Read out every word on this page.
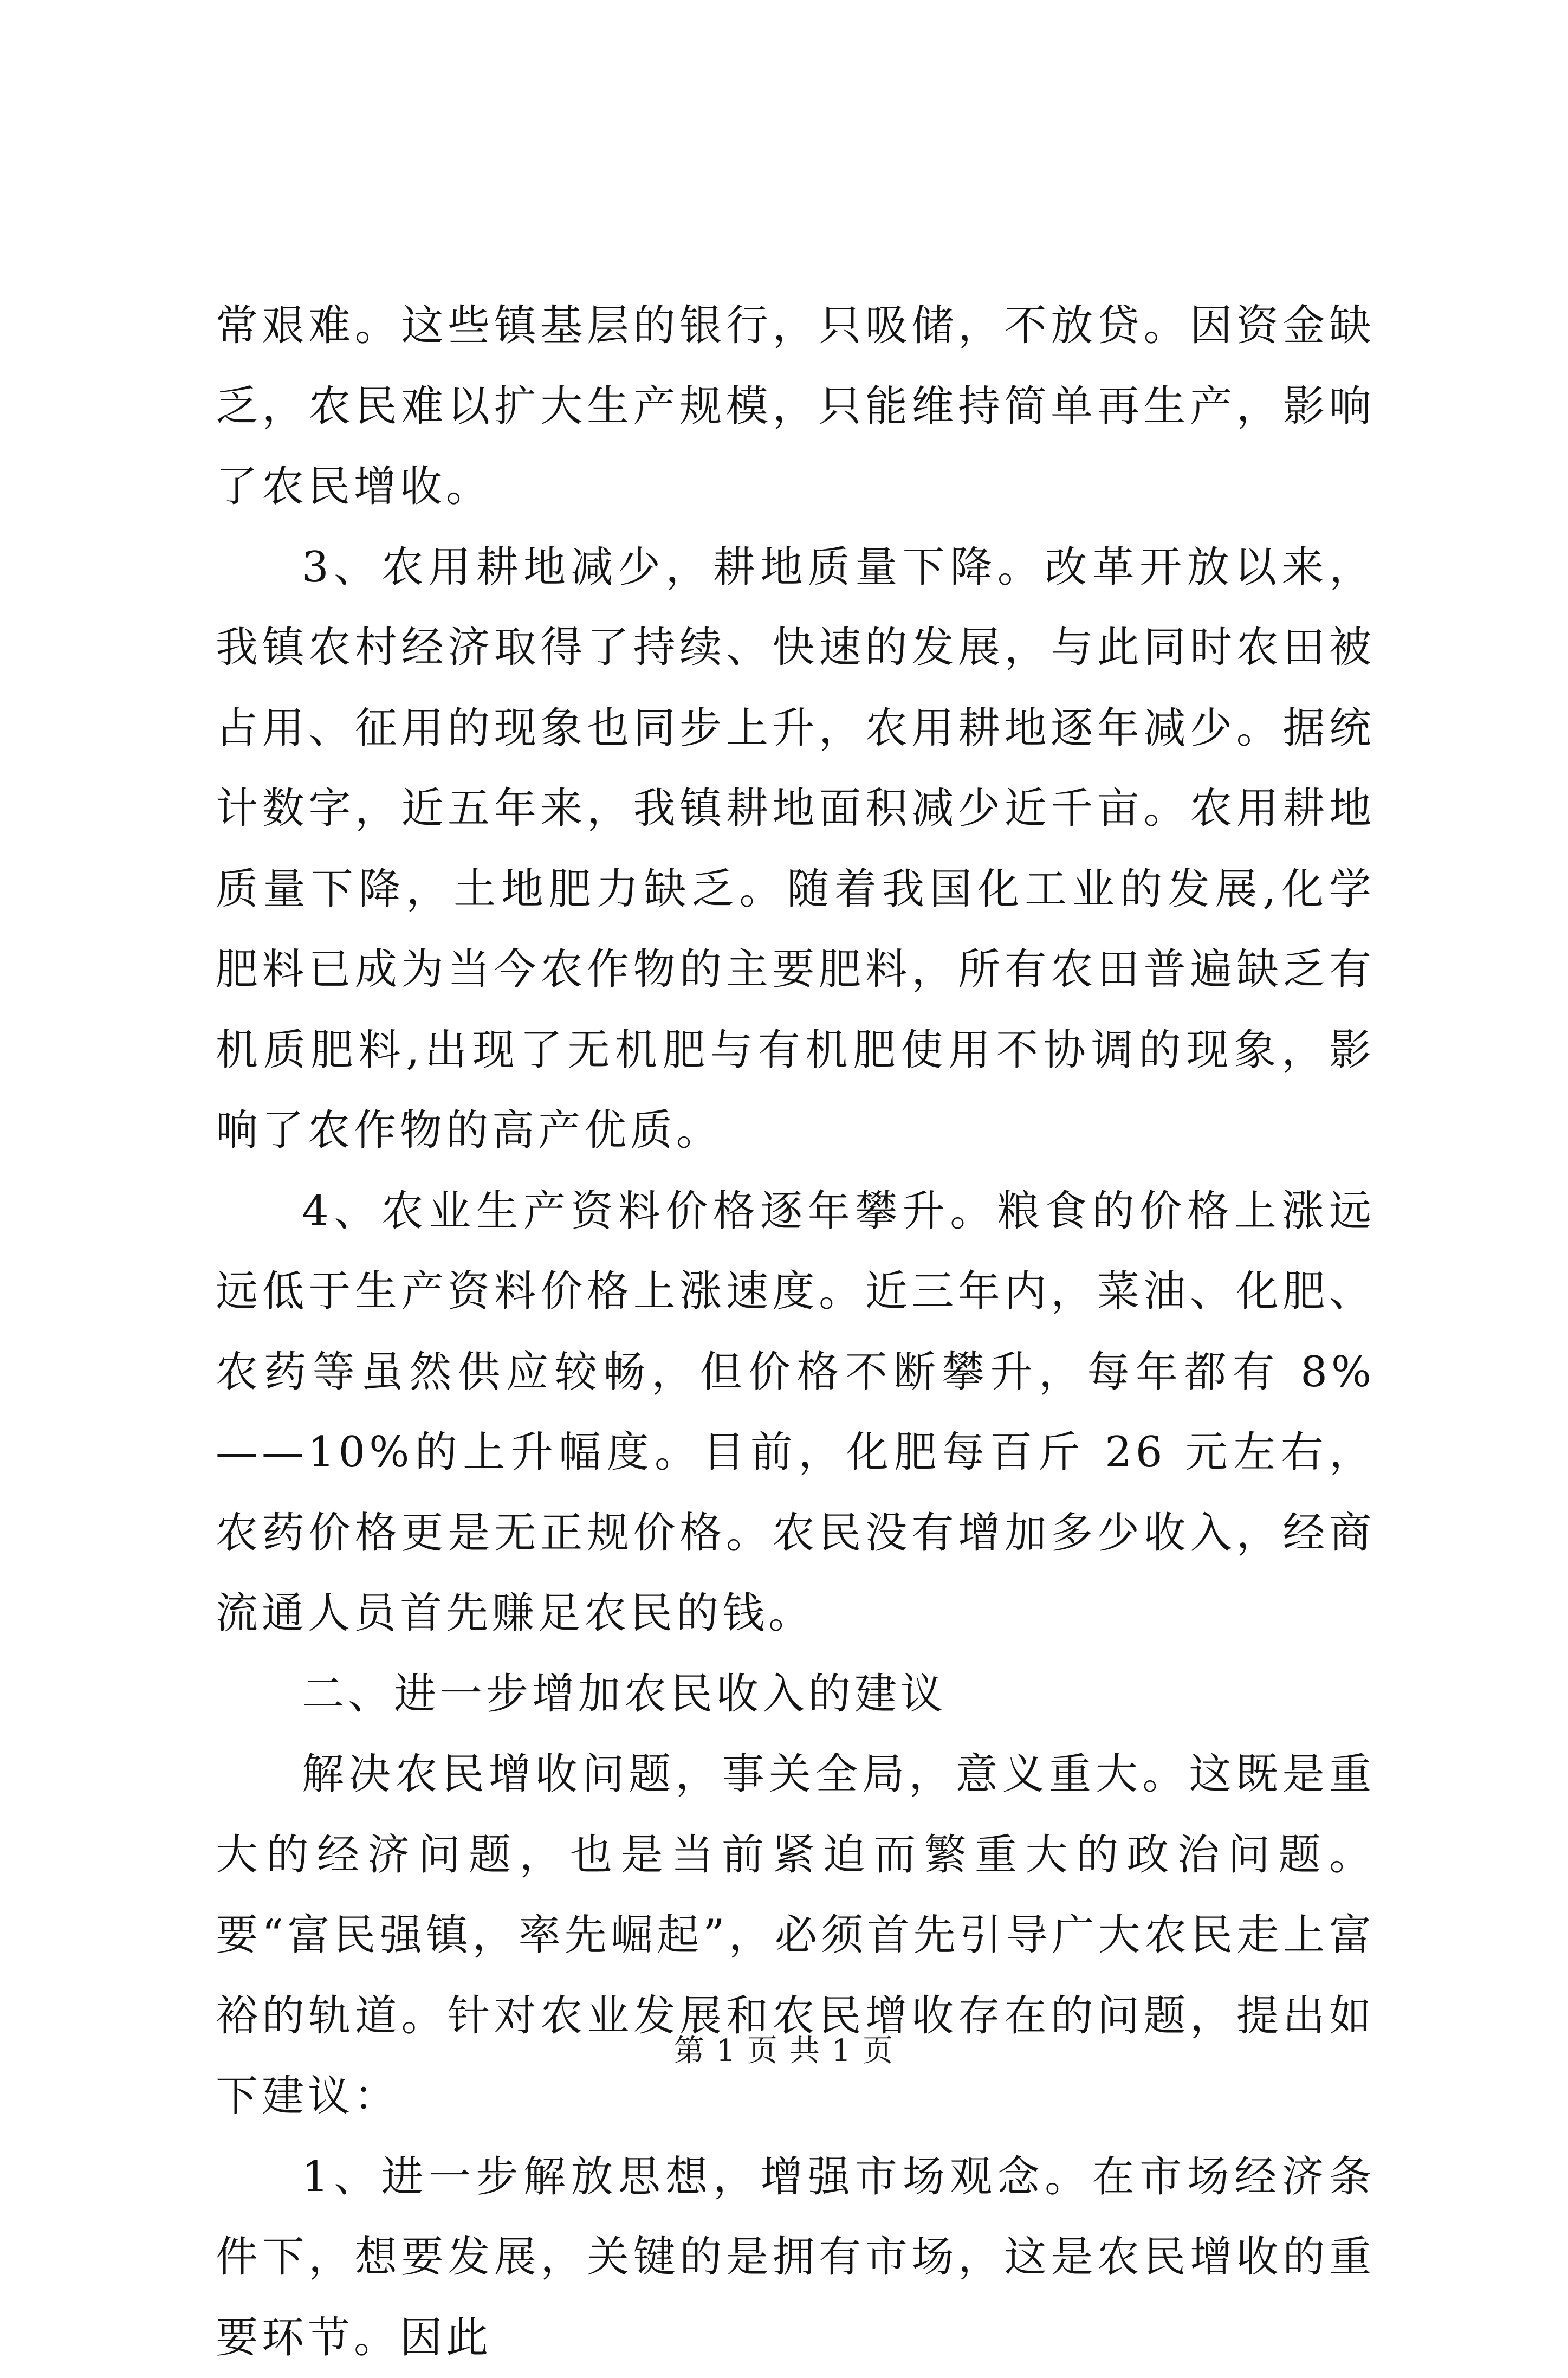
常艰难。这些镇基层的银行，只吸储，不放贷。因资金缺乏，农民难以扩大生产规模，只能维持简单再生产，影响了农民增收。

3、农用耕地减少，耕地质量下降。改革开放以来，我镇农村经济取得了持续、快速的发展，与此同时农田被占用、征用的现象也同步上升，农用耕地逐年减少。据统计数字，近五年来，我镇耕地面积减少近千亩。农用耕地质量下降，土地肥力缺乏。随着我国化工业的发展,化学肥料已成为当今农作物的主要肥料，所有农田普遍缺乏有机质肥料,出现了无机肥与有机肥使用不协调的现象，影响了农作物的高产优质。

4、农业生产资料价格逐年攀升。粮食的价格上涨远远低于生产资料价格上涨速度。近三年内，菜油、化肥、农药等虽然供应较畅，但价格不断攀升，每年都有 8%——10%的上升幅度。目前，化肥每百斤 26 元左右，农药价格更是无正规价格。农民没有增加多少收入，经商流通人员首先赚足农民的钱。

二、进一步增加农民收入的建议

解决农民增收问题，事关全局，意义重大。这既是重大的经济问题，也是当前紧迫而繁重大的政治问题。要“富民强镇，率先崛起”，必须首先引导广大农民走上富裕的轨道。针对农业发展和农民增收存在的问题，提出如下建议：

1、进一步解放思想，增强市场观念。在市场经济条件下，想要发展，关键的是拥有市场，这是农民增收的重要环节。因此

第 1 页 共 1 页
